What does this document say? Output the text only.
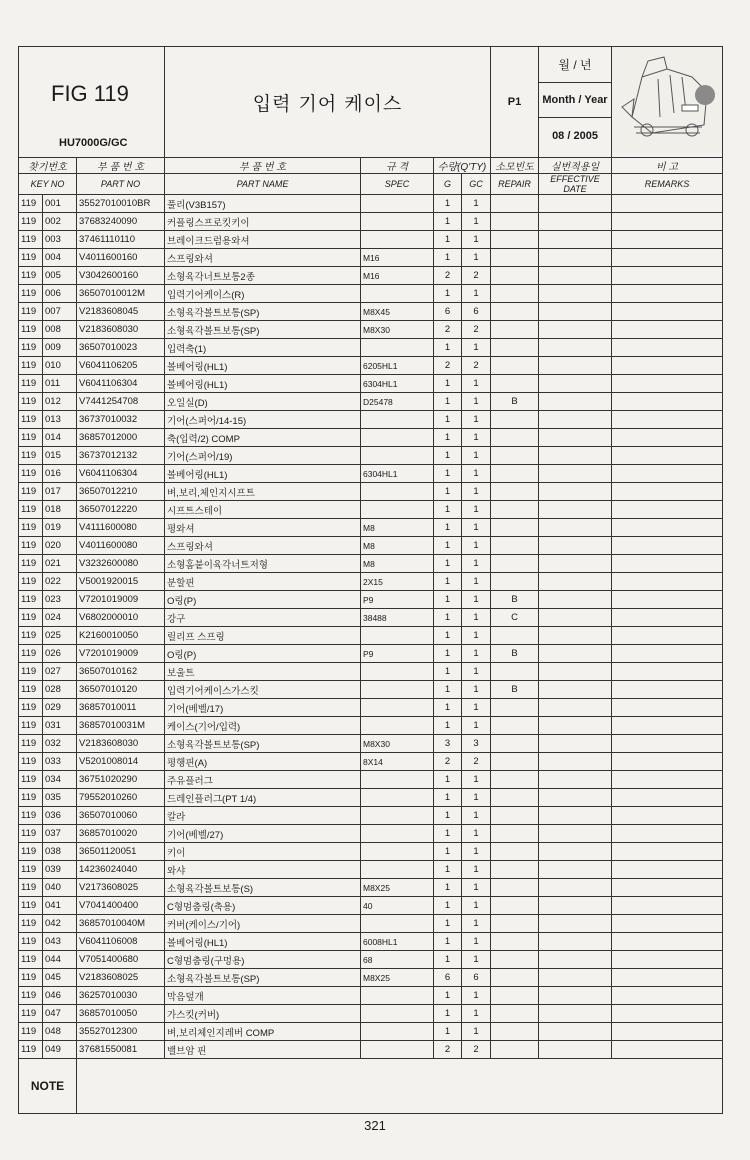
FIG 119
HU7000G/GC
	입력 기어 케이스	P1	
월 / 년
Month / Year
08 / 2005

찾기번호	부 품 번 호	부 품 번 호	규 격	수량(Q'TY)		소모빈도	실번적용일	비 고
KEY NO	PART NO	PART NAME	SPEC	G	GC	REPAIR	EFFECTIVE DATE	REMARKS
119	001	35527010010BR	풀리(V3B157)		1	1			
119	002	37683240090	커플링스프로킷키이		1	1			
119	003	37461110110	브레이크드럼용와셔		1	1			
119	004	V4011600160	스프링와셔	M16	1	1			
119	005	V3042600160	소형육각너트보통2종	M16	2	2			
119	006	36507010012M	입력기어케이스(R)		1	1			
119	007	V2183608045	소형육각볼트보통(SP)	M8X45	6	6			
119	008	V2183608030	소형육각볼트보통(SP)	M8X30	2	2			
119	009	36507010023	입력축(1)		1	1			
119	010	V6041106205	볼베어링(HL1)	6205HL1	2	2			
119	011	V6041106304	볼베어링(HL1)	6304HL1	1	1			
119	012	V7441254708	오일실(D)	D25478	1	1	B		
119	013	36737010032	기어(스퍼어/14-15)		1	1			
119	014	36857012000	축(입력/2) COMP		1	1			
119	015	36737012132	기어(스퍼어/19)		1	1			
119	016	V6041106304	볼베어링(HL1)	6304HL1	1	1			
119	017	36507012210	벼,보리,체인지시프트		1	1			
119	018	36507012220	시프트스테이		1	1			
119	019	V4111600080	평와셔	M8	1	1			
119	020	V4011600080	스프링와셔	M8	1	1			
119	021	V3232600080	소형홈붙이육각너트저형	M8	1	1			
119	022	V5001920015	분할핀	2X15	1	1			
119	023	V7201019009	O링(P)	P9	1	1	B		
119	024	V6802000010	강구	38488	1	1	C		
119	025	K2160010050	릴리프 스프링		1	1			
119	026	V7201019009	O링(P)	P9	1	1	B		
119	027	36507010162	보울트		1	1			
119	028	36507010120	입력기어케이스가스킷		1	1	B		
119	029	36857010011	기어(베벨/17)		1	1			
119	031	36857010031M	케이스(기어/입력)		1	1			
119	032	V2183608030	소형육각볼트보통(SP)	M8X30	3	3			
119	033	V5201008014	평행핀(A)	8X14	2	2			
119	034	36751020290	주유플러그		1	1			
119	035	79552010260	드레인플러그(PT 1/4)		1	1			
119	036	36507010060	칼라		1	1			
119	037	36857010020	기어(베벨/27)		1	1			
119	038	36501120051	키이		1	1			
119	039	14236024040	와샤		1	1			
119	040	V2173608025	소형육각볼트보통(S)	M8X25	1	1			
119	041	V7041400400	C형멈춤링(축용)	40	1	1			
119	042	36857010040M	커버(케이스/기어)		1	1			
119	043	V6041106008	볼베어링(HL1)	6008HL1	1	1			
119	044	V7051400680	C형멈춤링(구멍용)	68	1	1			
119	045	V2183608025	소형육각볼트보통(SP)	M8X25	6	6			
119	046	36257010030	막음덮개		1	1			
119	047	36857010050	가스킷(커버)		1	1			
119	048	35527012300	벼,보리체인지레버 COMP		1	1			
119	049	37681550081	밸브암 핀		2	2			
NOTE	
321
